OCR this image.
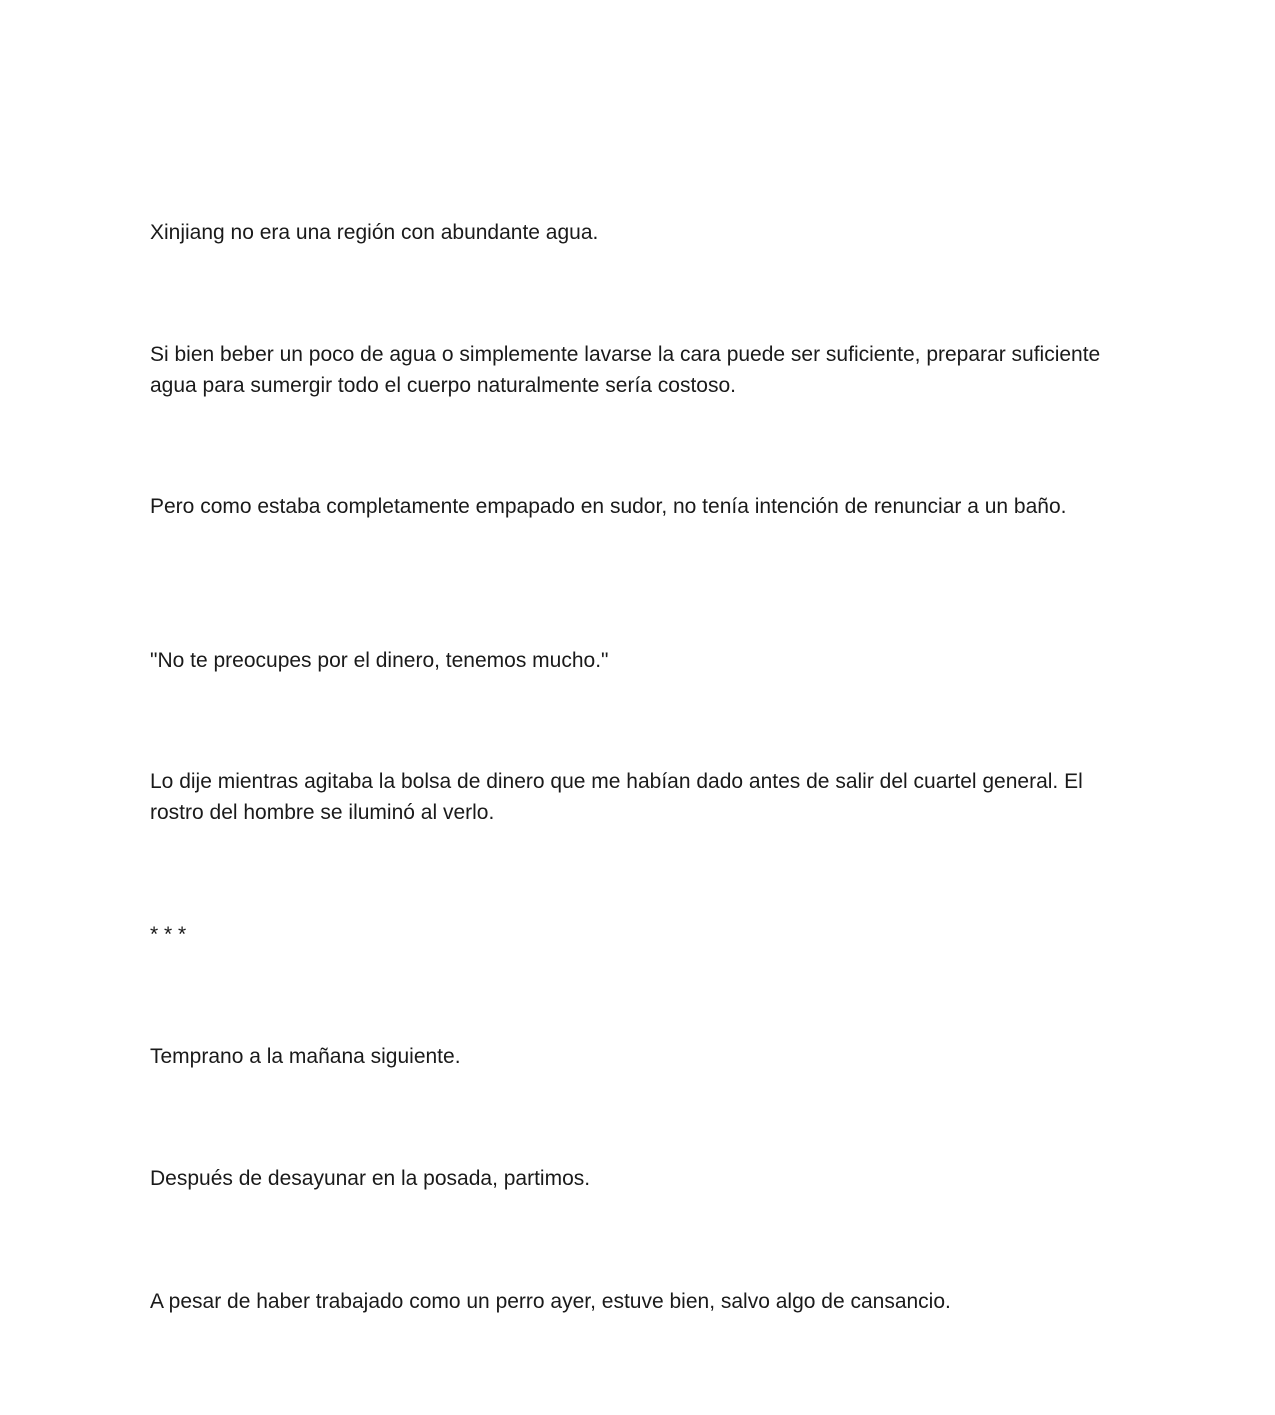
Xinjiang no era una región con abundante agua.

Si bien beber un poco de agua o simplemente lavarse la cara puede ser suficiente, preparar suficiente agua para sumergir todo el cuerpo naturalmente sería costoso.

Pero como estaba completamente empapado en sudor, no tenía intención de renunciar a un baño.

"No te preocupes por el dinero, tenemos mucho."

Lo dije mientras agitaba la bolsa de dinero que me habían dado antes de salir del cuartel general. El rostro del hombre se iluminó al verlo.

* * *

Temprano a la mañana siguiente.

Después de desayunar en la posada, partimos.

A pesar de haber trabajado como un perro ayer, estuve bien, salvo algo de cansancio.
